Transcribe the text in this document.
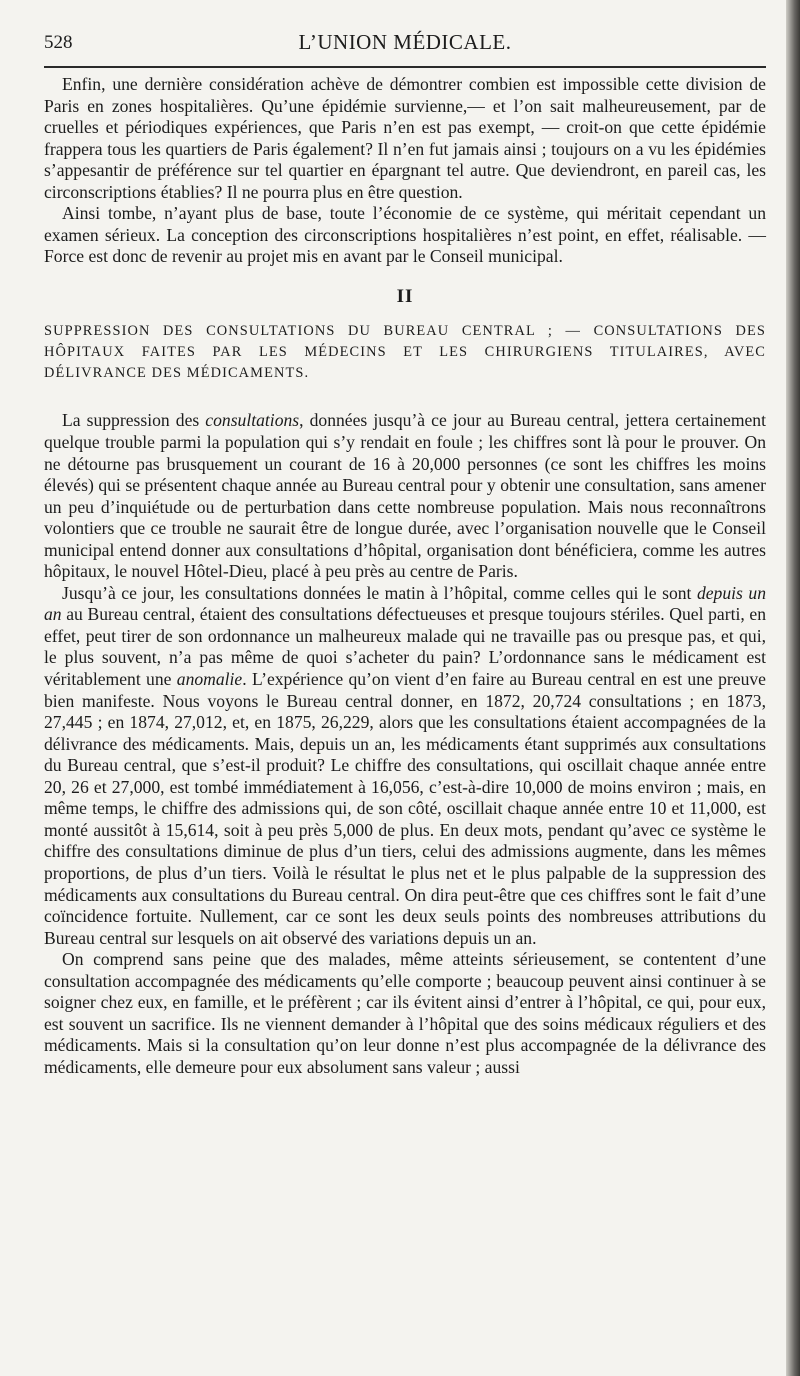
528	L’UNION MÉDICALE.

Enfin, une dernière considération achève de démontrer combien est impossible cette division de Paris en zones hospitalières. Qu’une épidémie survienne,— et l’on sait malheureusement, par de cruelles et périodiques expériences, que Paris n’en est pas exempt, — croit-on que cette épidémie frappera tous les quartiers de Paris également? Il n’en fut jamais ainsi ; toujours on a vu les épidémies s’appesantir de préférence sur tel quartier en épargnant tel autre. Que deviendront, en pareil cas, les circonscriptions établies? Il ne pourra plus en être question.

Ainsi tombe, n’ayant plus de base, toute l’économie de ce système, qui méritait cependant un examen sérieux. La conception des circonscriptions hospitalières n’est point, en effet, réalisable. — Force est donc de revenir au projet mis en avant par le Conseil municipal.

II
SUPPRESSION DES CONSULTATIONS DU BUREAU CENTRAL ; — CONSULTATIONS DES HÔPITAUX FAITES PAR LES MÉDECINS ET LES CHIRURGIENS TITULAIRES, AVEC DÉLIVRANCE DES MÉDICAMENTS.

La suppression des consultations, données jusqu’à ce jour au Bureau central, jettera certainement quelque trouble parmi la population qui s’y rendait en foule ; les chiffres sont là pour le prouver. On ne détourne pas brusquement un courant de 16 à 20,000 personnes (ce sont les chiffres les moins élevés) qui se présentent chaque année au Bureau central pour y obtenir une consultation, sans amener un peu d’inquiétude ou de perturbation dans cette nombreuse population. Mais nous reconnaîtrons volontiers que ce trouble ne saurait être de longue durée, avec l’organisation nouvelle que le Conseil municipal entend donner aux consultations d’hôpital, organisation dont bénéficiera, comme les autres hôpitaux, le nouvel Hôtel-Dieu, placé à peu près au centre de Paris.

Jusqu’à ce jour, les consultations données le matin à l’hôpital, comme celles qui le sont depuis un an au Bureau central, étaient des consultations défectueuses et presque toujours stériles. Quel parti, en effet, peut tirer de son ordonnance un malheureux malade qui ne travaille pas ou presque pas, et qui, le plus souvent, n’a pas même de quoi s’acheter du pain? L’ordonnance sans le médicament est véritablement une anomalie. L’expérience qu’on vient d’en faire au Bureau central en est une preuve bien manifeste. Nous voyons le Bureau central donner, en 1872, 20,724 consultations ; en 1873, 27,445 ; en 1874, 27,012, et, en 1875, 26,229, alors que les consultations étaient accompagnées de la délivrance des médicaments. Mais, depuis un an, les médicaments étant supprimés aux consultations du Bureau central, que s’est-il produit? Le chiffre des consultations, qui oscillait chaque année entre 20, 26 et 27,000, est tombé immédiatement à 16,056, c’est-à-dire 10,000 de moins environ ; mais, en même temps, le chiffre des admissions qui, de son côté, oscillait chaque année entre 10 et 11,000, est monté aussitôt à 15,614, soit à peu près 5,000 de plus. En deux mots, pendant qu’avec ce système le chiffre des consultations diminue de plus d’un tiers, celui des admissions augmente, dans les mêmes proportions, de plus d’un tiers. Voilà le résultat le plus net et le plus palpable de la suppression des médicaments aux consultations du Bureau central. On dira peut-être que ces chiffres sont le fait d’une coïncidence fortuite. Nullement, car ce sont les deux seuls points des nombreuses attributions du Bureau central sur lesquels on ait observé des variations depuis un an.

On comprend sans peine que des malades, même atteints sérieusement, se contentent d’une consultation accompagnée des médicaments qu’elle comporte ; beaucoup peuvent ainsi continuer à se soigner chez eux, en famille, et le préfèrent ; car ils évitent ainsi d’entrer à l’hôpital, ce qui, pour eux, est souvent un sacrifice. Ils ne viennent demander à l’hôpital que des soins médicaux réguliers et des médicaments. Mais si la consultation qu’on leur donne n’est plus accompagnée de la délivrance des médicaments, elle demeure pour eux absolument sans valeur ; aussi
